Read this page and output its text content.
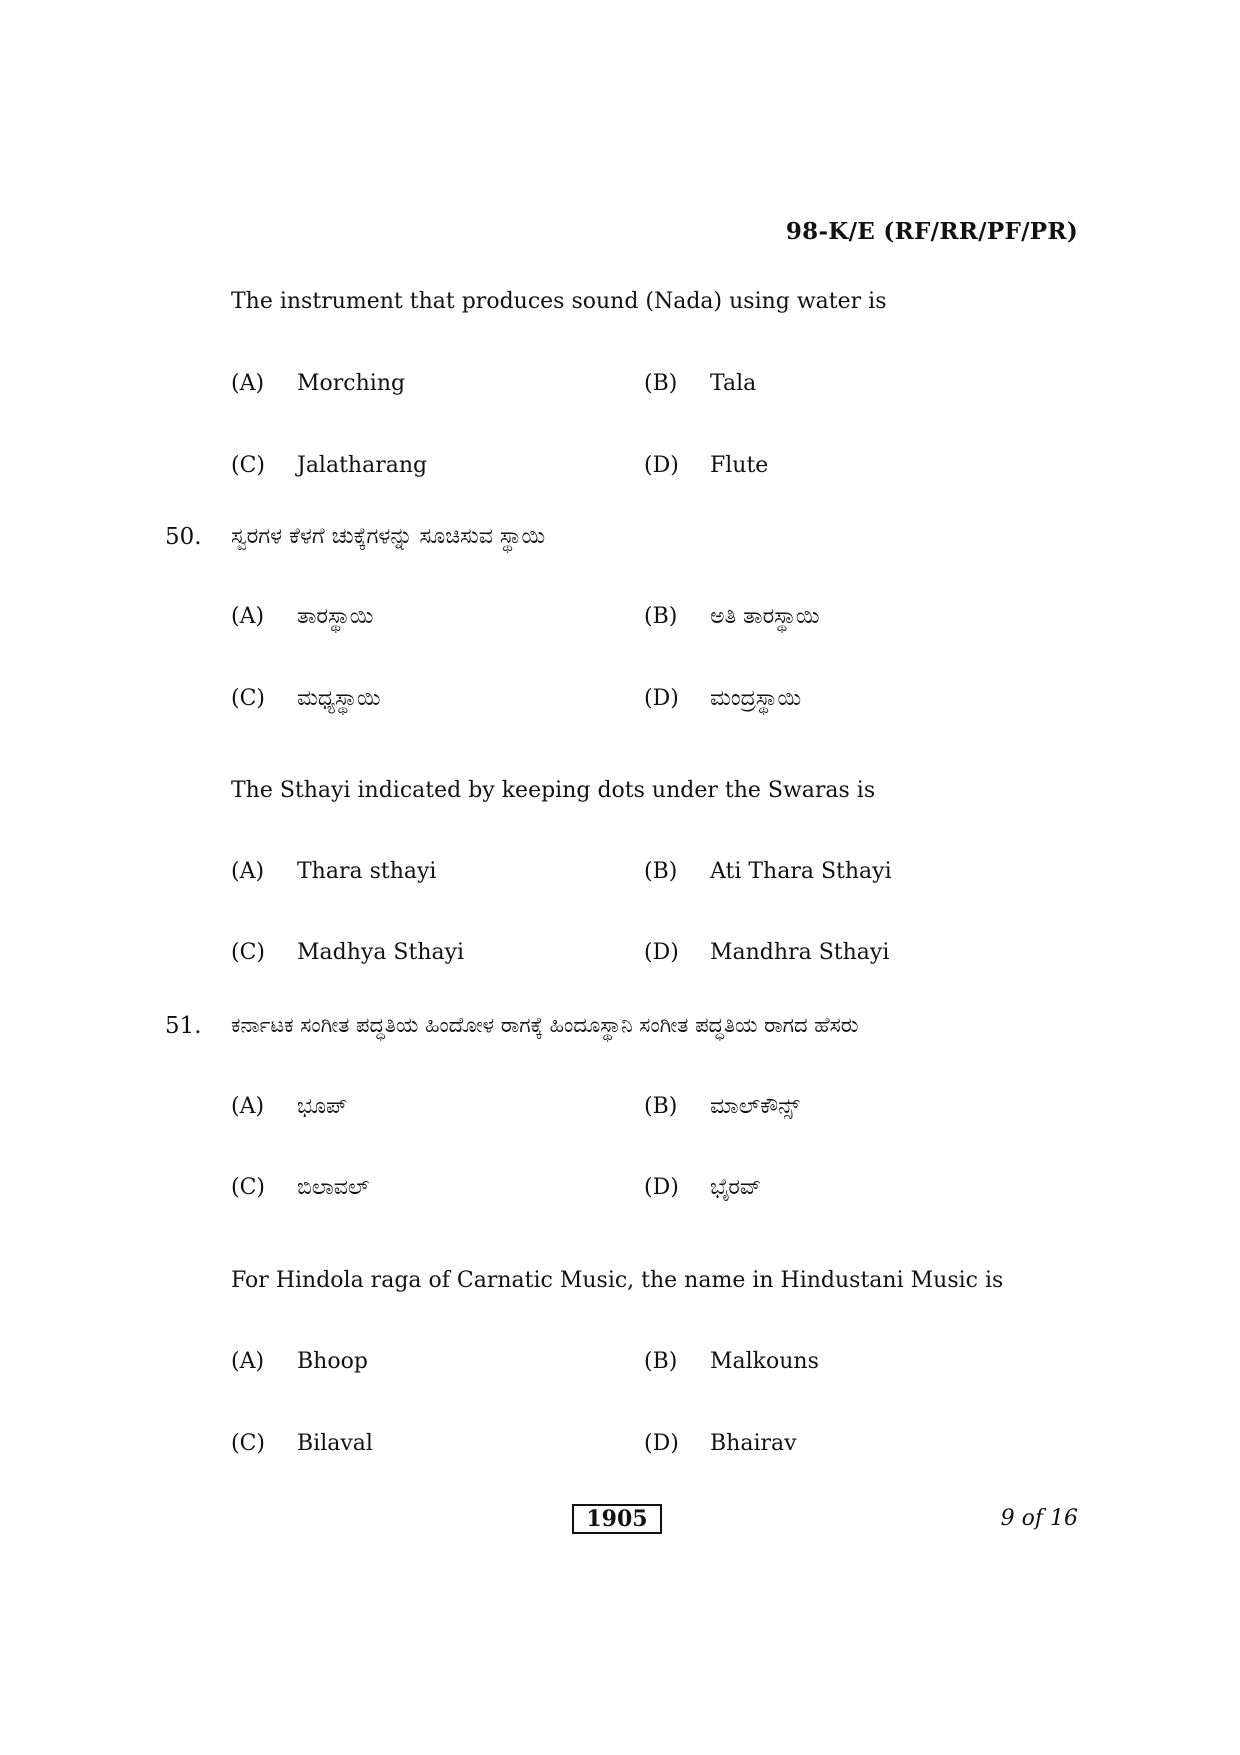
98-K/E (RF/RR/PF/PR)
The instrument that produces sound (Nada) using water is
(A) Morching	(B) Tala
(C) Jalatharang	(D) Flute
50. ಸ್ವರಗಳ ಕೆಳಗೆ ಚುಕ್ಕೆಗಳನ್ನು ಸೂಚಿಸುವ ಸ್ಥಾಯಿ
(A) ತಾರಸ್ಥಾಯಿ	(B) ಅತಿ ತಾರಸ್ಥಾಯಿ
(C) ಮಧ್ಯಸ್ಥಾಯಿ	(D) ಮಂದ್ರಸ್ಥಾಯಿ
The Sthayi indicated by keeping dots under the Swaras is
(A) Thara sthayi	(B) Ati Thara Sthayi
(C) Madhya Sthayi	(D) Mandhra Sthayi
51. ಕರ್ನಾಟಕ ಸಂಗೀತ ಪದ್ಧತಿಯ ಹಿಂದೋಳ ರಾಗಕ್ಕೆ ಹಿಂದೂಸ್ಥಾನಿ ಸಂಗೀತ ಪದ್ಧತಿಯ ರಾಗದ ಹೆಸರು
(A) ಭೂಪ್	(B) ಮಾಲ್‌ಕೌನ್ಸ್
(C) ಬಿಲಾವಲ್	(D) ಭೈರವ್
For Hindola raga of Carnatic Music, the name in Hindustani Music is
(A) Bhoop	(B) Malkouns
(C) Bilaval	(D) Bhairav
1905	9 of 16
